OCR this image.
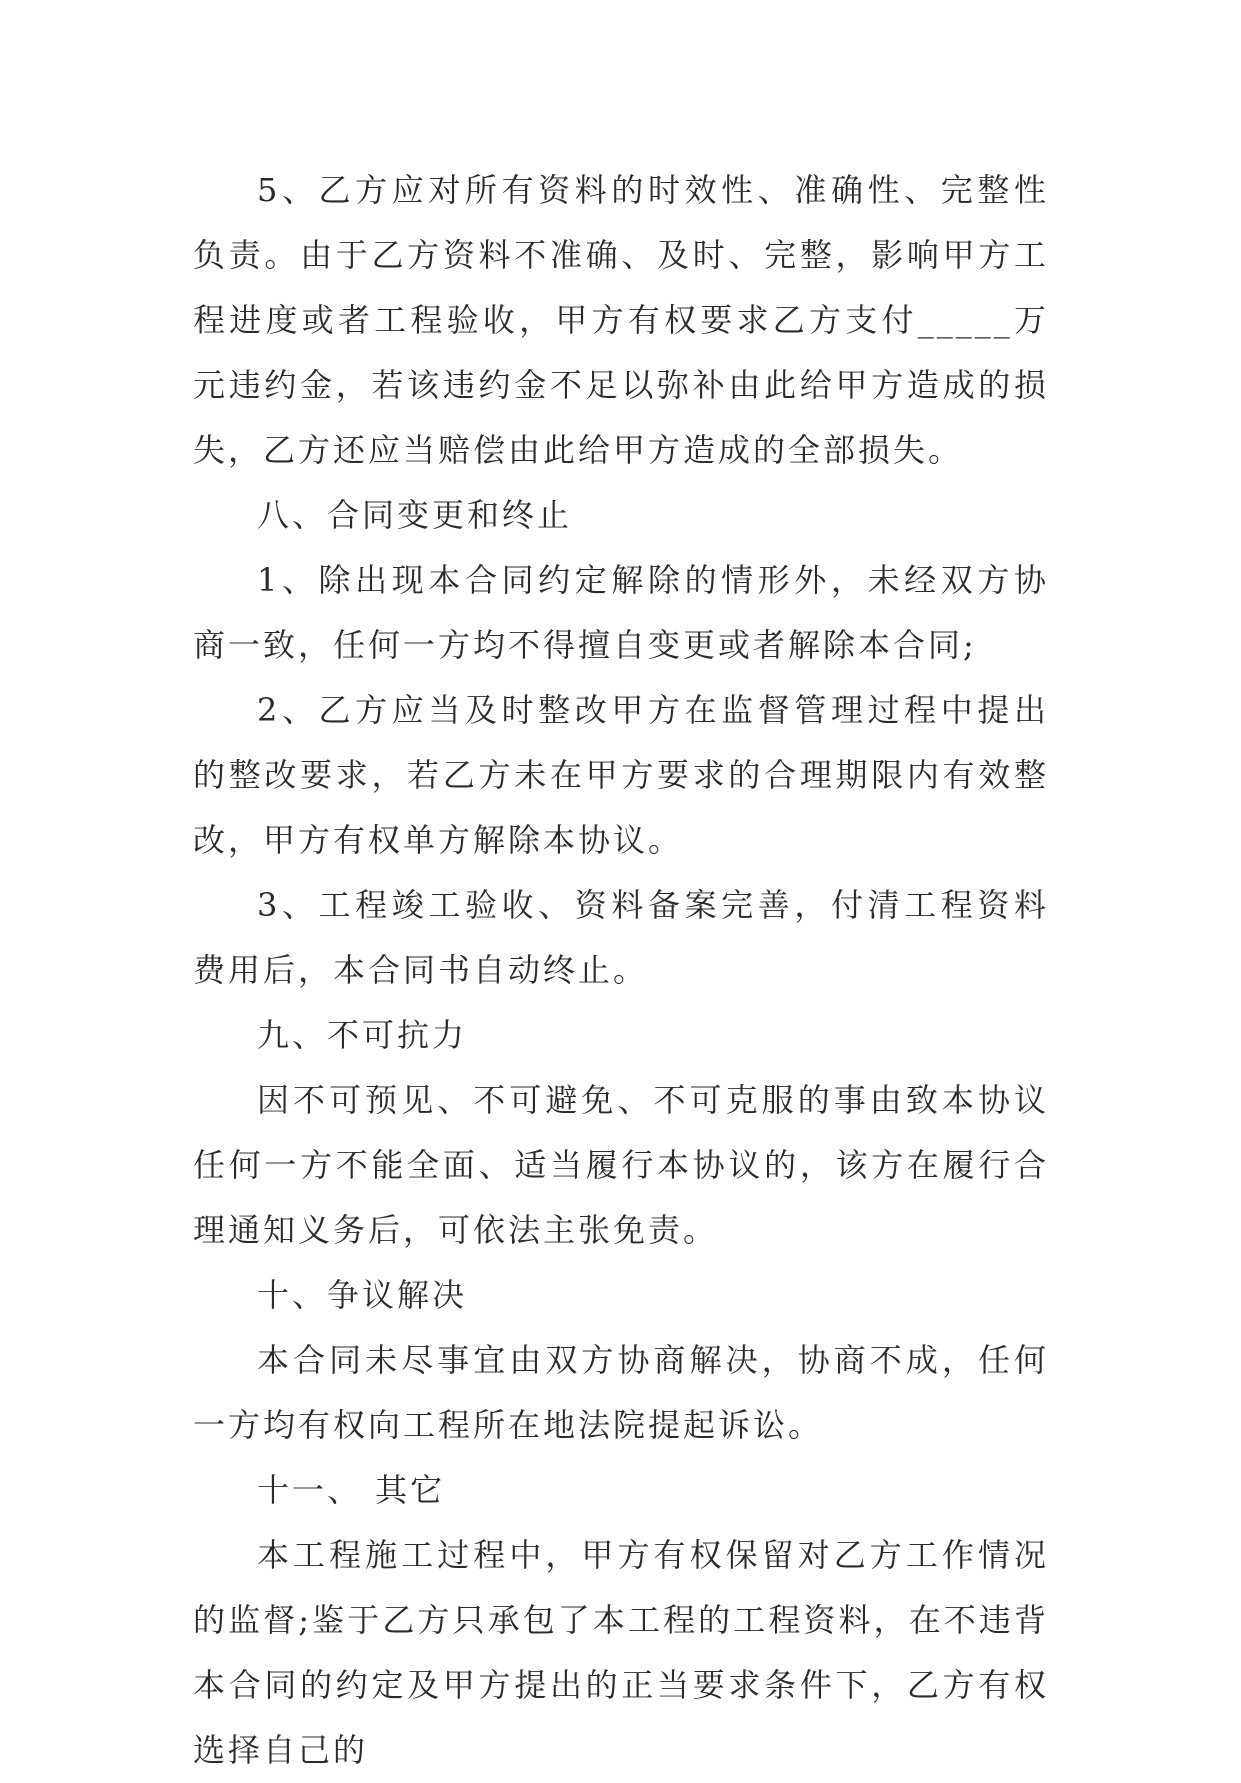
5、乙方应对所有资料的时效性、准确性、完整性负责。由于乙方资料不准确、及时、完整，影响甲方工程进度或者工程验收，甲方有权要求乙方支付_____万元违约金，若该违约金不足以弥补由此给甲方造成的损失，乙方还应当赔偿由此给甲方造成的全部损失。

八、合同变更和终止

1、除出现本合同约定解除的情形外，未经双方协商一致，任何一方均不得擅自变更或者解除本合同;

2、乙方应当及时整改甲方在监督管理过程中提出的整改要求，若乙方未在甲方要求的合理期限内有效整改，甲方有权单方解除本协议。

3、工程竣工验收、资料备案完善，付清工程资料费用后，本合同书自动终止。

九、不可抗力

因不可预见、不可避免、不可克服的事由致本协议任何一方不能全面、适当履行本协议的，该方在履行合理通知义务后，可依法主张免责。

十、争议解决

本合同未尽事宜由双方协商解决，协商不成，任何一方均有权向工程所在地法院提起诉讼。

十一、 其它

本工程施工过程中，甲方有权保留对乙方工作情况的监督;鉴于乙方只承包了本工程的工程资料，在不违背本合同的约定及甲方提出的正当要求条件下，乙方有权选择自己的
